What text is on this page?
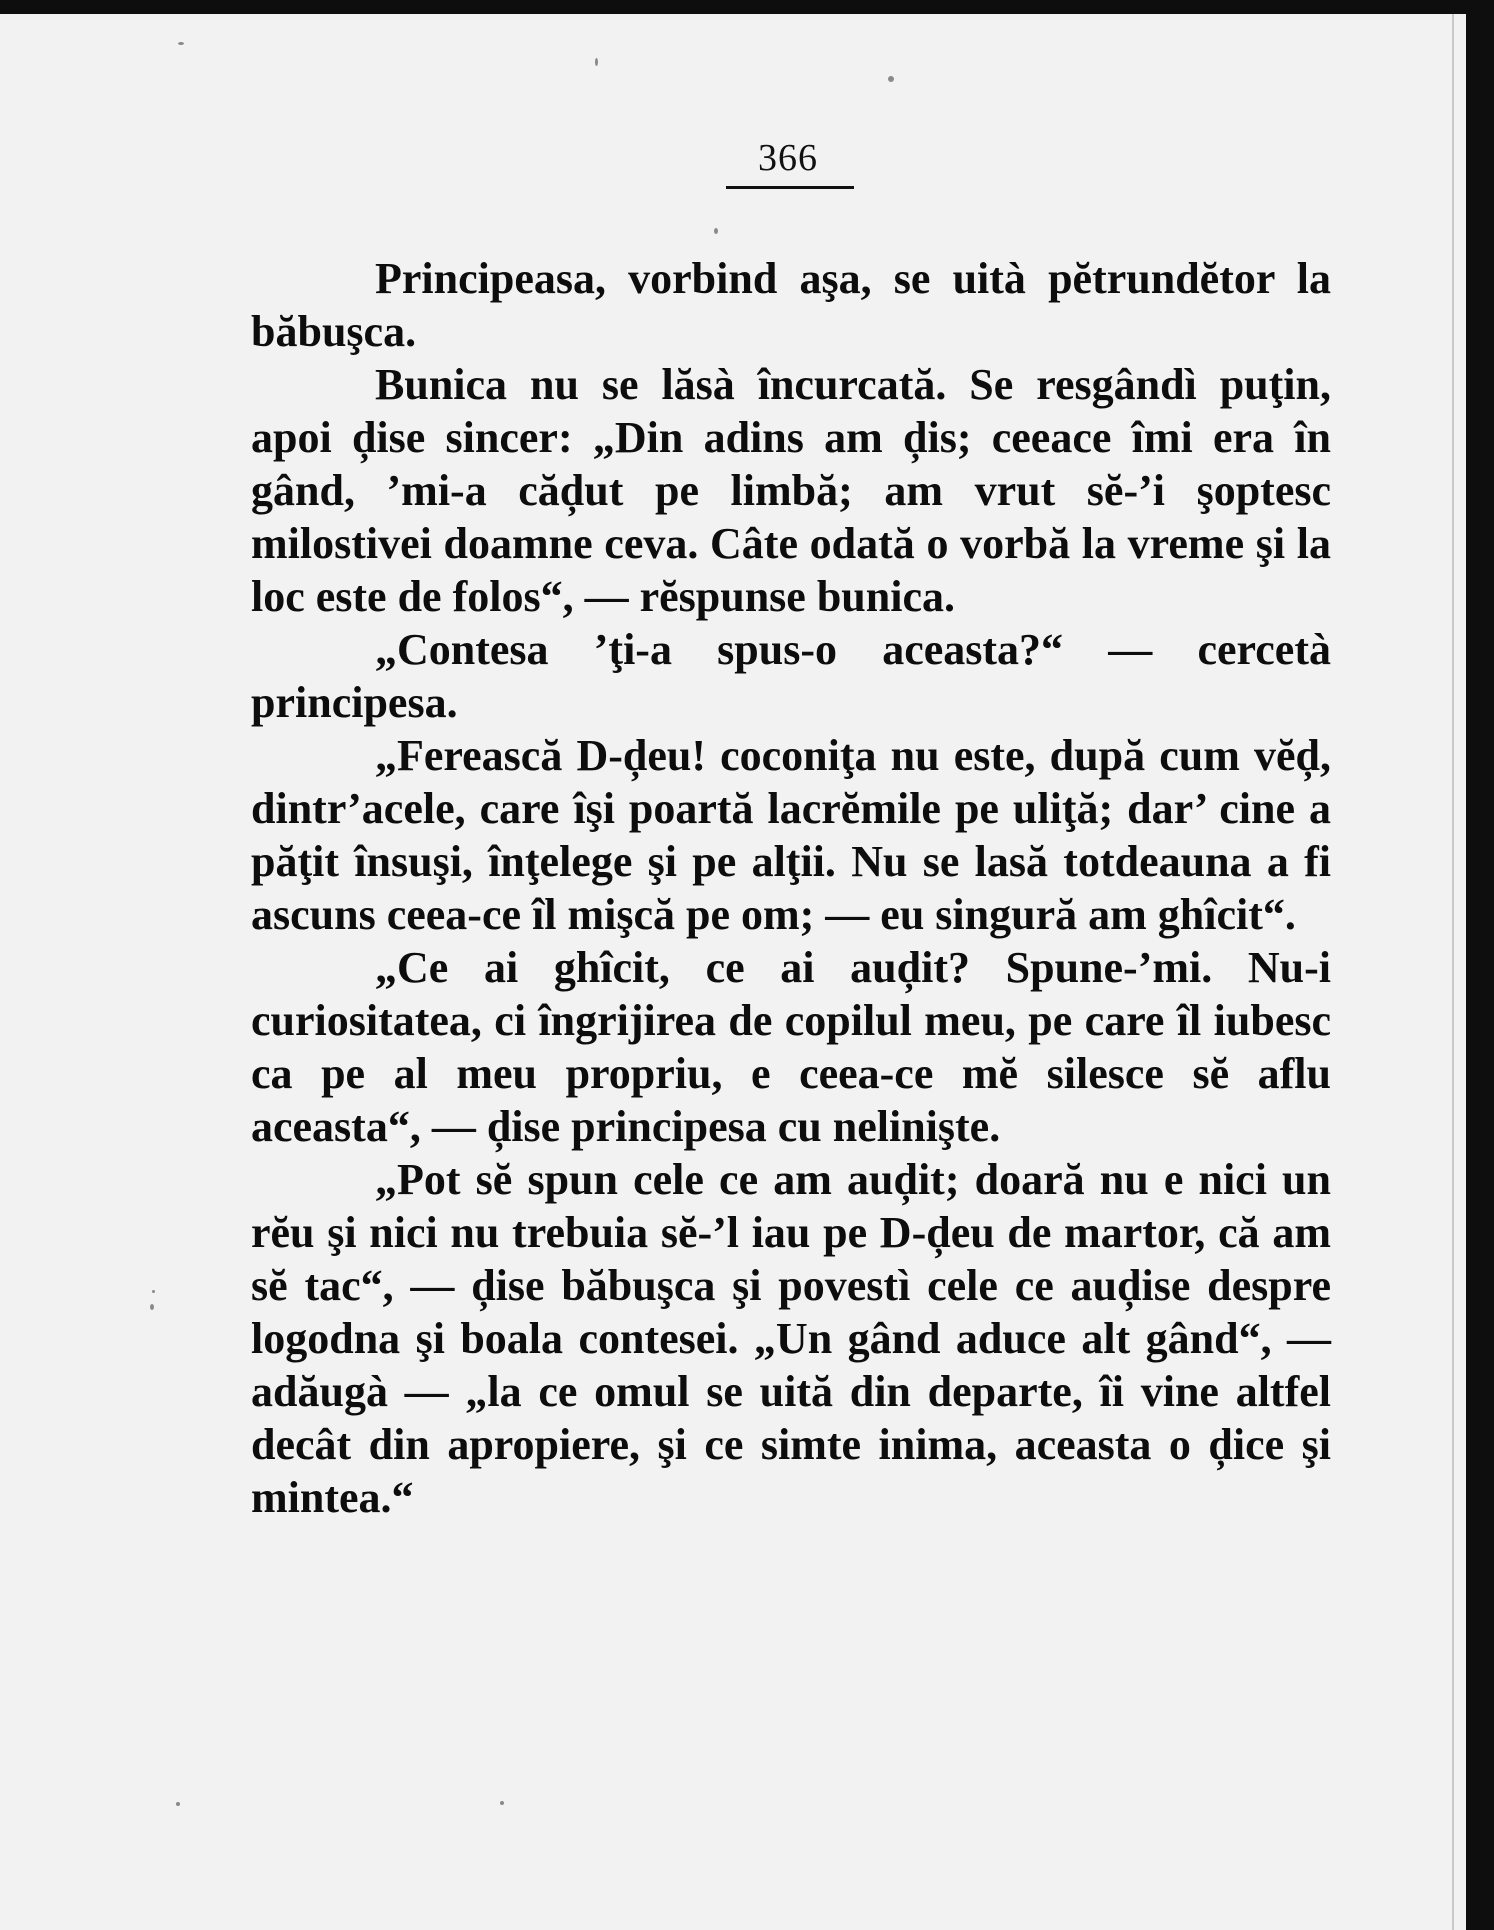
366

Principeasa, vorbind aşa, se uità pĕtrundĕtor la băbuşca.

Bunica nu se lăsà încurcată. Se resgândì puţin, apoi ḑise sincer: „Din adins am ḑis; ceeace îmi era în gând, ’mi-a căḑut pe limbă; am vrut sĕ-’i şoptesc milostivei doamne ceva. Câte odată o vorbă la vreme şi la loc este de folos“, — rĕspunse bunica.

„Contesa ’ţi-a spus-o aceasta?“ — cercetà principesa.

„Ferească D-ḑeu! coconiţa nu este, după cum vĕḑ, dintr’acele, care îşi poartă lacrĕmile pe uliţă; dar’ cine a păţit însuşi, înţelege şi pe alţii. Nu se lasă totdeauna a fi ascuns ceea-ce îl mişcă pe om; — eu singură am ghîcit“.

„Ce ai ghîcit, ce ai auḑit? Spune-’mi. Nu-i curiositatea, ci îngrijirea de copilul meu, pe care îl iubesc ca pe al meu propriu, e ceea-ce mĕ silesce sĕ aflu aceasta“, — ḑise principesa cu neliniştе.

„Pot sĕ spun cele ce am auḑit; doară nu e nici un rĕu şi nici nu trebuia sĕ-’l iau pe D-ḑeu de martor, că am sĕ tac“, — ḑise băbuşca şi povestì cele ce auḑise despre logodna şi boala contesei. „Un gând aduce alt gând“, — adăugà — „la ce omul se uită din departe, îi vine altfel decât din apropiere, şi ce simte inima, aceasta o ḑice şi mintea.“
